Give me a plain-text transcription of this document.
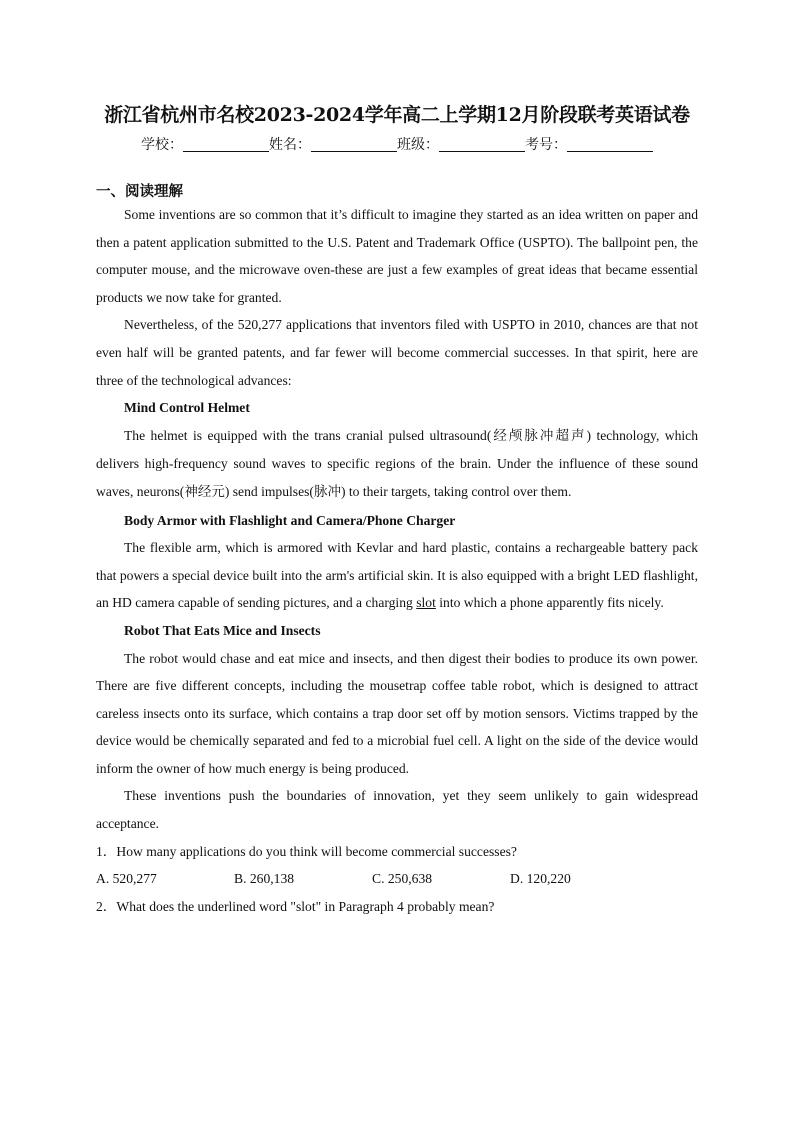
浙江省杭州市名校2023-2024学年高二上学期12月阶段联考英语试卷
学校：	姓名：	班级：	考号：
一、阅读理解

Some inventions are so common that it’s difficult to imagine they started as an idea written on paper and then a patent application submitted to the U.S. Patent and Trademark Office (USPTO). The ballpoint pen, the computer mouse, and the microwave oven-these are just a few examples of great ideas that became essential products we now take for granted.

Nevertheless, of the 520,277 applications that inventors filed with USPTO in 2010, chances are that not even half will be granted patents, and far fewer will become commercial successes. In that spirit, here are three of the technological advances:

Mind Control Helmet

The helmet is equipped with the trans cranial pulsed ultrasound(经颅脉冲超声) technology, which delivers high-frequency sound waves to specific regions of the brain. Under the influence of these sound waves, neurons(神经元) send impulses(脉冲) to their targets, taking control over them.

Body Armor with Flashlight and Camera/Phone Charger

The flexible arm, which is armored with Kevlar and hard plastic, contains a rechargeable battery pack that powers a special device built into the arm's artificial skin. It is also equipped with a bright LED flashlight, an HD camera capable of sending pictures, and a charging slot into which a phone apparently fits nicely.

Robot That Eats Mice and Insects

The robot would chase and eat mice and insects, and then digest their bodies to produce its own power. There are five different concepts, including the mousetrap coffee table robot, which is designed to attract careless insects onto its surface, which contains a trap door set off by motion sensors. Victims trapped by the device would be chemically separated and fed to a microbial fuel cell. A light on the side of the device would inform the owner of how much energy is being produced.

These inventions push the boundaries of innovation, yet they seem unlikely to gain widespread acceptance.

1．How many applications do you think will become commercial successes?

A. 520,277	B. 260,138	C. 250,638	D. 120,220

2．What does the underlined word "slot" in Paragraph 4 probably mean?
